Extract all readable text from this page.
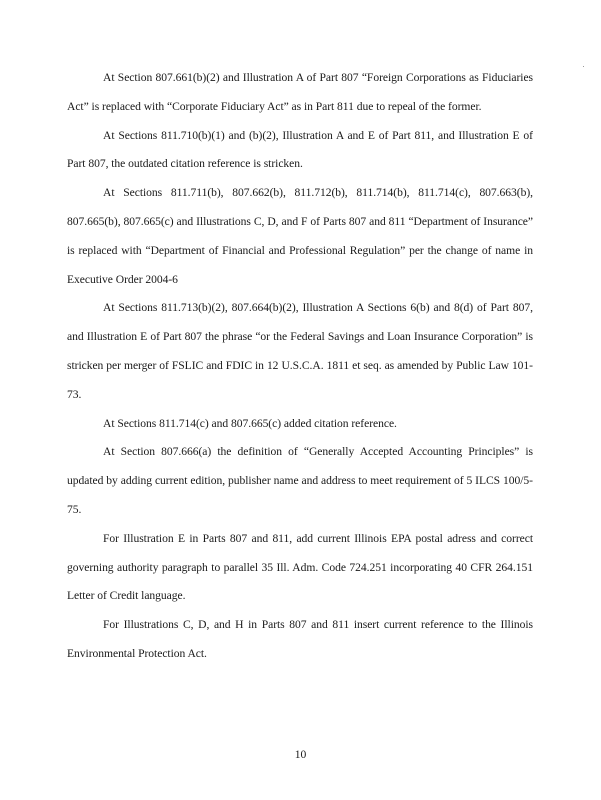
At Section 807.661(b)(2) and Illustration A of Part 807 “Foreign Corporations as Fiduciaries Act” is replaced with “Corporate Fiduciary Act” as in Part 811 due to repeal of the former.

At Sections 811.710(b)(1) and (b)(2), Illustration A and E of Part 811, and Illustration E of Part 807, the outdated citation reference is stricken.

At Sections 811.711(b), 807.662(b), 811.712(b), 811.714(b), 811.714(c), 807.663(b), 807.665(b), 807.665(c) and Illustrations C, D, and F of Parts 807 and 811 “Department of Insurance” is replaced with “Department of Financial and Professional Regulation” per the change of name in Executive Order 2004-6

At Sections 811.713(b)(2), 807.664(b)(2), Illustration A Sections 6(b) and 8(d) of Part 807, and Illustration E of Part 807 the phrase “or the Federal Savings and Loan Insurance Corporation” is stricken per merger of FSLIC and FDIC in 12 U.S.C.A. 1811 et seq. as amended by Public Law 101-73.

At Sections 811.714(c) and 807.665(c) added citation reference.

At Section 807.666(a) the definition of “Generally Accepted Accounting Principles” is updated by adding current edition, publisher name and address to meet requirement of 5 ILCS 100/5-75.

For Illustration E in Parts 807 and 811, add current Illinois EPA postal adress and correct governing authority paragraph to parallel 35 Ill. Adm. Code 724.251 incorporating 40 CFR 264.151 Letter of Credit language.

For Illustrations C, D, and H in Parts 807 and 811 insert current reference to the Illinois Environmental Protection Act.

10
